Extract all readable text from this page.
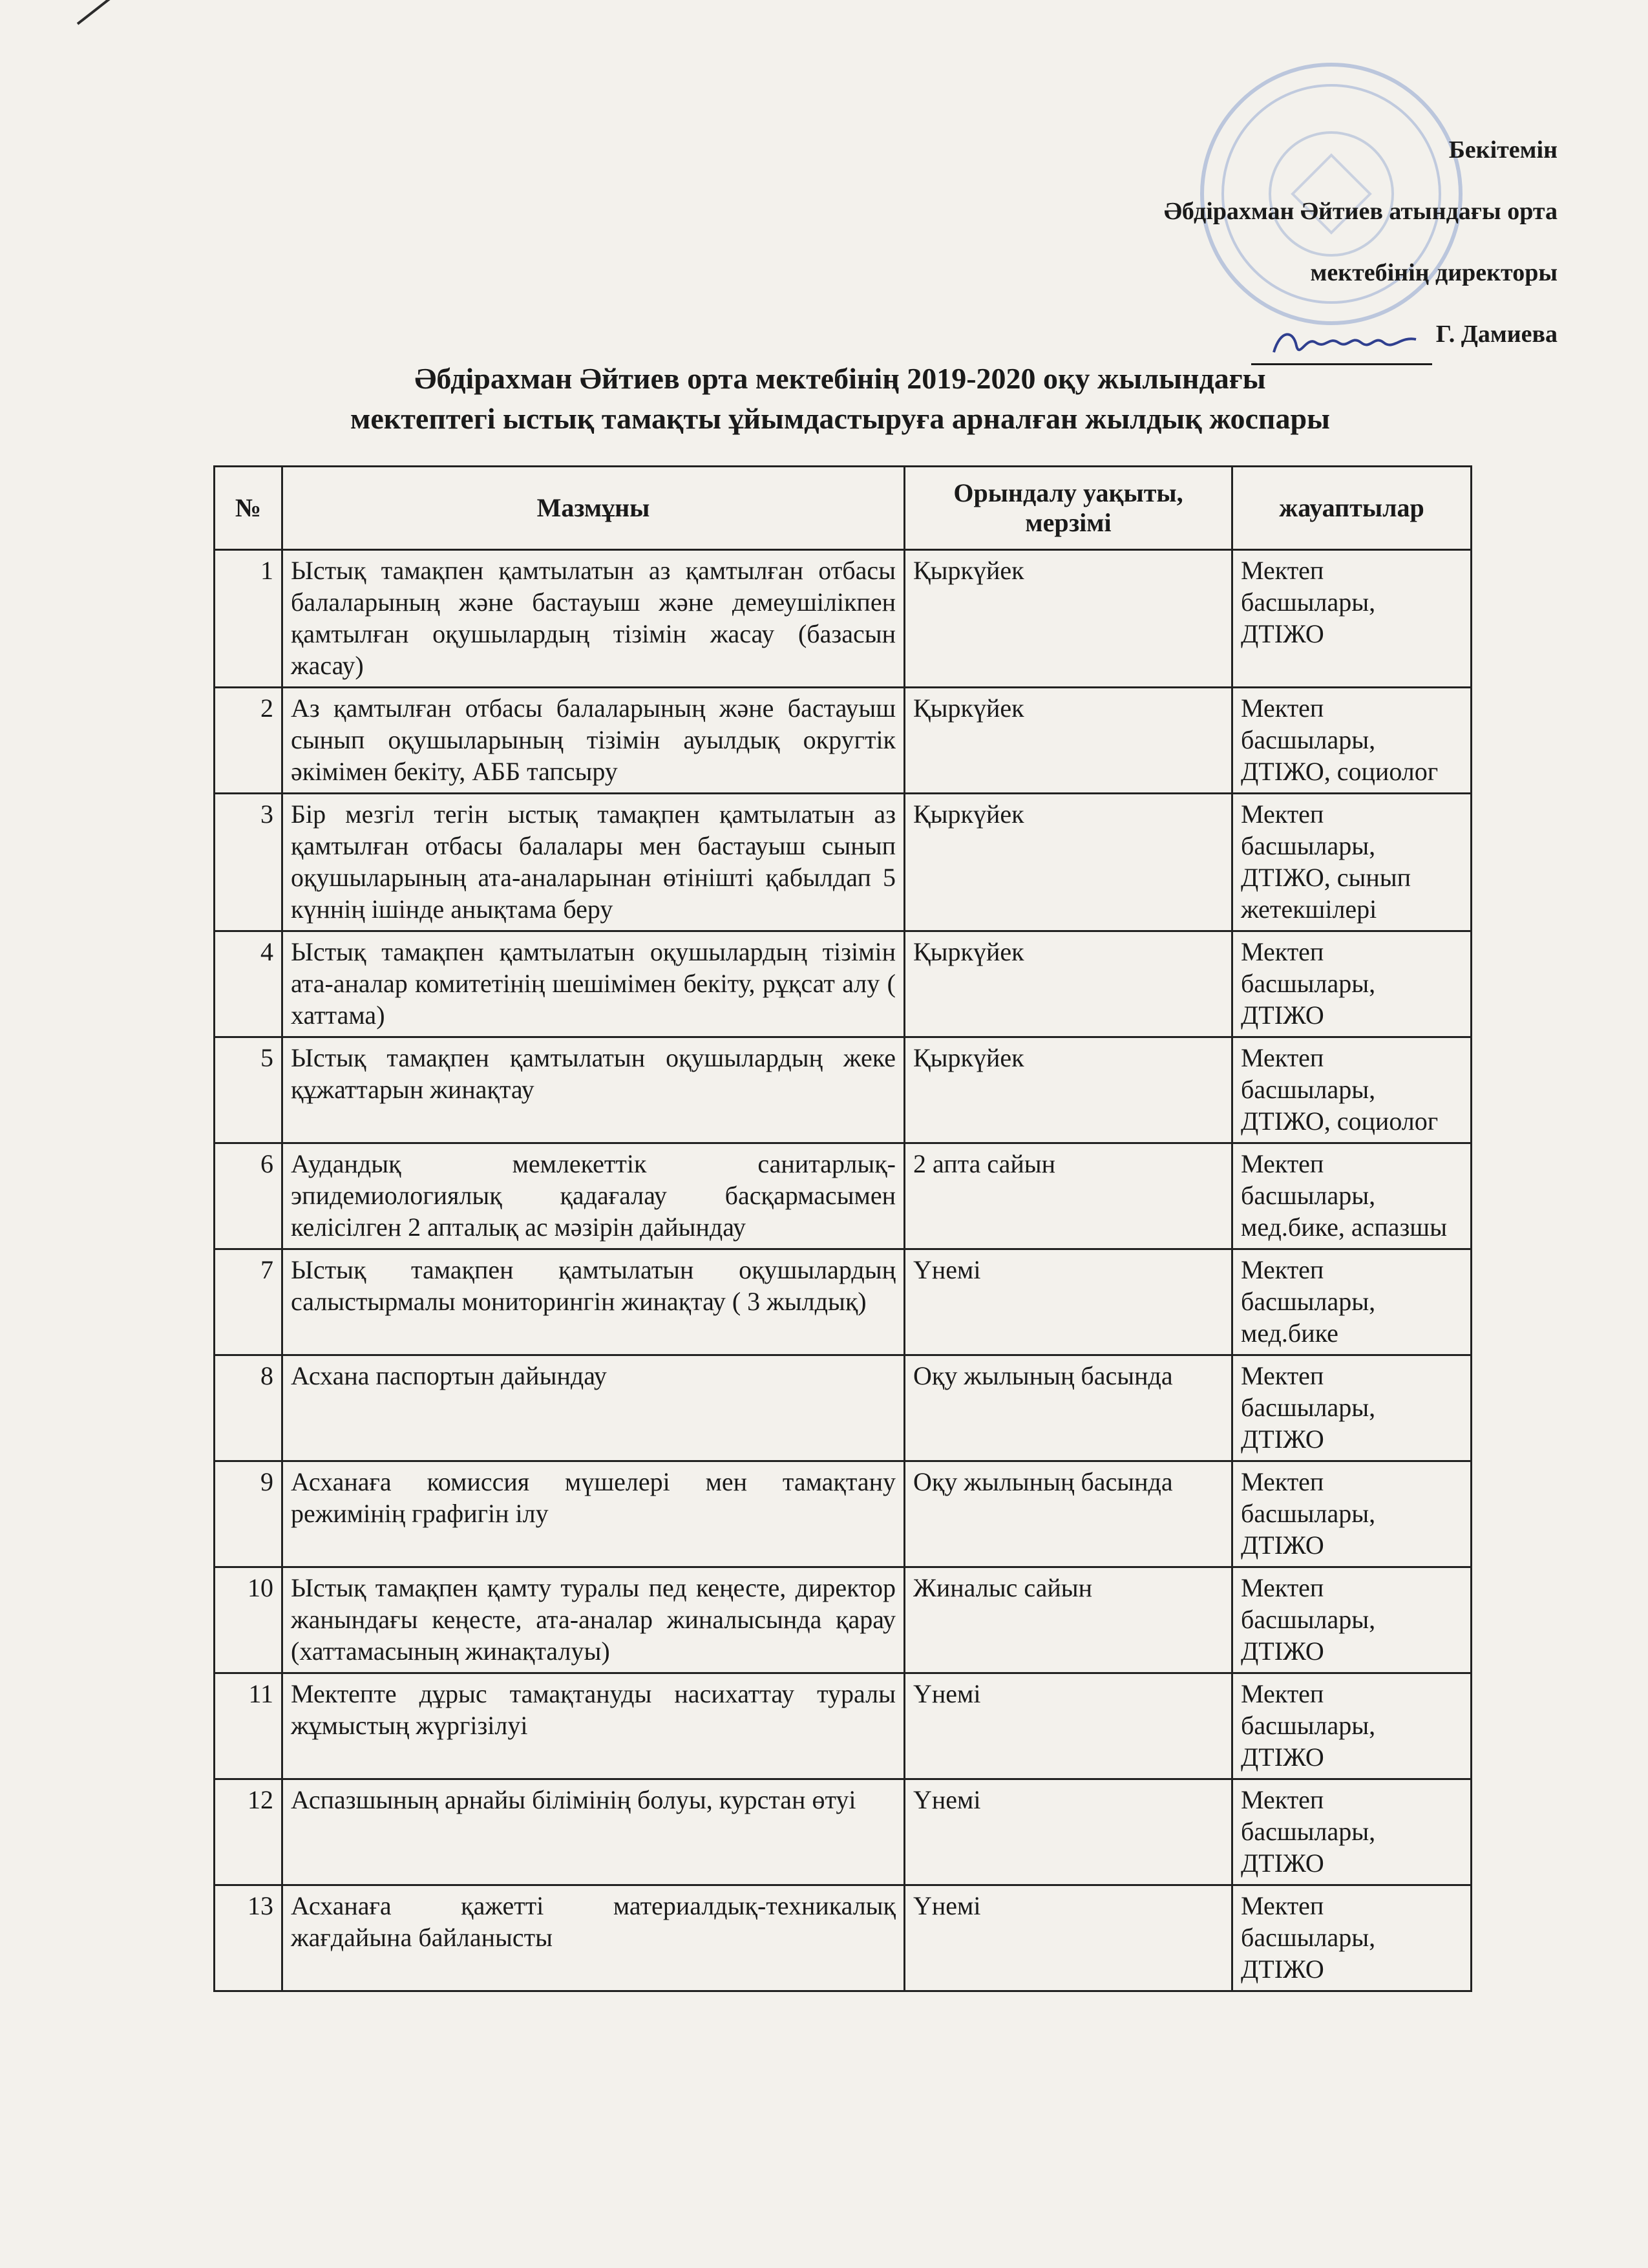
Бекітемін
Әбдірахман Әйтиев атындағы орта
мектебінің директоры
Г. Дамиева
Әбдірахман Әйтиев орта мектебінің 2019-2020 оқу жылындағы
мектептегі ыстық тамақты ұйымдастыруға арналған жылдық жоспары
№	Мазмұны	Орындалу уақыты, мерзімі	жауаптылар
1	Ыстық тамақпен қамтылатын аз қамтылған отбасы балаларының және бастауыш және демеушілікпен қамтылған оқушылардың тізімін жасау (базасын жасау)	Қыркүйек	Мектеп басшылары, ДТІЖО
2	Аз қамтылған отбасы балаларының және бастауыш сынып оқушыларының тізімін ауылдық округтік әкімімен бекіту, АББ тапсыру	Қыркүйек	Мектеп басшылары, ДТІЖО, социолог
3	Бір мезгіл тегін ыстық тамақпен қамтылатын аз қамтылған отбасы балалары мен бастауыш сынып оқушыларының ата-аналарынан өтінішті қабылдап 5 күннің ішінде анықтама беру	Қыркүйек	Мектеп басшылары, ДТІЖО, сынып жетекшілері
4	Ыстық тамақпен қамтылатын оқушылардың тізімін ата-аналар комитетінің шешімімен бекіту, рұқсат алу ( хаттама)	Қыркүйек	Мектеп басшылары, ДТІЖО
5	Ыстық тамақпен қамтылатын оқушылардың жеке құжаттарын жинақтау	Қыркүйек	Мектеп басшылары, ДТІЖО, социолог
6	Аудандық мемлекеттік санитарлық-эпидемиологиялық қадағалау басқармасымен келісілген 2 апталық ас мәзірін дайындау	2 апта сайын	Мектеп басшылары, мед.бике, аспазшы
7	Ыстық тамақпен қамтылатын оқушылардың салыстырмалы мониторингін жинақтау ( 3 жылдық)	Үнемі	Мектеп басшылары, мед.бике
8	Асхана паспортын дайындау	Оқу жылының басында	Мектеп басшылары, ДТІЖО
9	Асханаға комиссия мүшелері мен тамақтану режимінің графигін ілу	Оқу жылының басында	Мектеп басшылары, ДТІЖО
10	Ыстық тамақпен қамту туралы пед кеңесте, директор жанындағы кеңесте, ата-аналар жиналысында қарау (хаттамасының жинақталуы)	Жиналыс сайын	Мектеп басшылары, ДТІЖО
11	Мектепте дұрыс тамақтануды насихаттау туралы жұмыстың жүргізілуі	Үнемі	Мектеп басшылары, ДТІЖО
12	Аспазшының арнайы білімінің болуы, курстан өтуі	Үнемі	Мектеп басшылары, ДТІЖО
13	Асханаға қажетті материалдық-техникалық жағдайына байланысты	Үнемі	Мектеп басшылары, ДТІЖО
